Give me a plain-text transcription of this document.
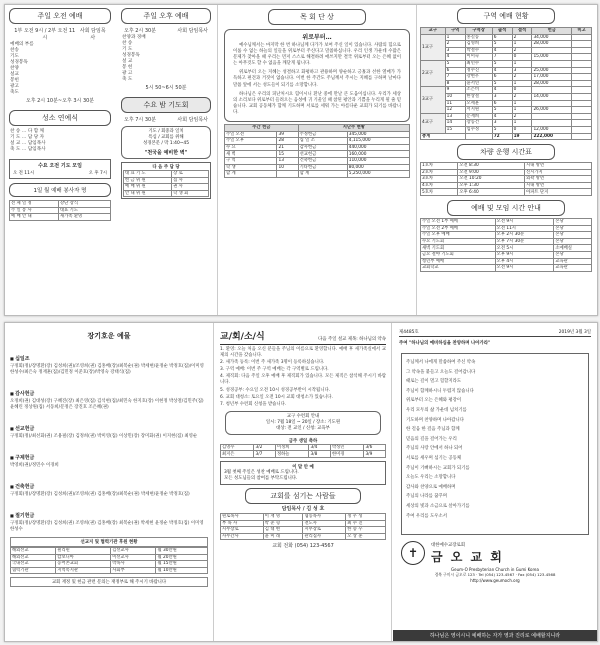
주일 오전 예배
1부 오전 9시 / 2부 오전 11시
사회 담임목사
예배의 부름
찬송
기도
성경봉독
찬양
설교
봉헌
광고
축도
오후 2시 10분~오후 3시 30분
성소 연예식
찬 송 … 다 함 께
기 도 … 담 당 자
설 교 … 담임목사
축 도 … 담임목사
수요 오전 기도 모임
오 전 11시	오 후 7시
1일 월 예배 봉사자 명
전 체 일 정	강단 장식
주 일 봉 사	대표 기도
예 배 안 내	새가족 환영
주일 오후 예배
오후 2시 30분	사회 담임목사
찬양과 경배
찬 송
기 도
성경봉독
설 교
봉 헌
광 고
축 도
5시 50~6시 50분
수요 밤 기도회
오후 7시 30분	사회 담임목사
기도 / 회중과 일치
특심 / 교회를 위해
성경본문 / 막 1:40~45
"천국을 예비한 벽"
다 음 주 담 당
대 표 기 도	장 로
헌 금 위 원	집 사
예 배 위 원	권 사
안 내 위 원	학 생 회
목 회 단 상
위로부터…
예수님께서는 마지막 한 번 하나님께 다가가 보여 주신 일이 있습니다. 사람의 힘으로 이룰 수 없는 하늘의 일들을 위로부터 주신다고 말씀하십니다. 우리 인생 가운데 수많은 문제가 찾아올 때 우리는 먼저 스스로 해결하려 애쓰지만 결국 위로부터 오는 은혜 없이는 아무것도 할 수 없음을 깨닫게 됩니다.
위로부터 오는 지혜는 성결하고 화평하고 관용하며 양순하고 긍휼과 선한 열매가 가득하고 편견과 거짓이 없습니다. 이번 한 주간도 주님께서 주시는 지혜를 구하며 날마다 말씀 앞에 서는 성도들이 되기를 소망합니다.
하나님은 우리의 피난처시요 힘이시니 환난 중에 만날 큰 도움이십니다. 우리가 세상의 소리보다 위로부터 들려오는 음성에 귀 기울일 때 참된 평안과 기쁨을 누리게 될 줄 믿습니다. 교회 공동체가 함께 기도하며 서로를 세워 가는 아름다운 교회가 되기를 바랍니다.
주간 헌금		지난주 현황	
주일 오전	39	주정헌금	345,000
주일 오후	28	십 일 조	4,115,000
수 요	21	감사헌금	440,000
새 벽	15	선교헌금	160,000
구 역	13	건축헌금	110,000
학 생	10	기타헌금	80,000
합 계		합 계	5,250,000
구역 예배 현황
교구	구역	구역장	출석	결석	헌금	비고
1교구	1	홍길동	6	2	34,000	
	2	김영희	5	1	28,000	
	3	박철수	4	2		
	4	이미숙	7	0	15,000	
2교구	5	최민수	5	1		
	6	정수진	4	3	25,000	
	7	강현우	6	2	17,000	
	8	윤서연	5	1	28,000	
3교구	9	조은비	4	0		
	10	한상철	3	2	14,000	
	11	오세훈	6	1		
	12	서지원	5	1	26,000	
4교구	13	문재희	4	2		
	14	장동건	3	1		
	15	임수정	5	0	12,000	
총계			72	19	222,000	
차량 운행 시간표
1호차	오전 8:30	시내 방면
2호차	오전 9:00	신시가지
3호차	오전 10:20	외곽 방면
4호차	오후 1:30	시내 방면
5호차	오후 6:40	아파트 단지
예배 및 모임 시간 안내
주일 오전 1부 예배	오전 9시	본당
주일 오전 2부 예배	오전 11시	본당
주일 오후 예배	오후 2시 30분	본당
수요 기도회	오후 7시 30분	본당
새벽 기도회	오전 5시	소예배실
금요 철야 기도회	오후 9시	본당
청년부 예배	오후 4시	교육관
교회학교	오전 9시	교육관
장기호운 예물
■ 십일조
구정회(정)/장명환(장) 김성희(권)/조영희(권) 김홍배(장)/최복순(권) 박세현/윤정순 박정호(집)/이미영 한성수/최은숙 정재훈(집)/김민정 이준호(장)/박영숙 강태식(집)
■ 감사헌금
오정희(권) 김대성(장) 구혜진(장) 최은영(집) 김석현(집)/최민숙 한지호(장) 이현정 박상철/김민주(집) 윤혜린 정상원(집) 서동희/문정은 장진호 조은혜(권)
■ 선교헌금
구정회(정)/최선화(권) 조용필(장) 김정희(권) 박미영(집) 이상민(장) 장미화(권) 이지현(집) 최영순
■ 구제헌금
박영희(권)/정민수 이경희
■ 건축헌금
구정회(정)/장명환(장) 김성희(권)/조영희(권) 김홍배(장)/최복순(권) 박세현/윤정순 박정호(집)
■ 절기헌금
구정회(정)/장명환(장) 김성희(권) 조영희(권) 김홍배(장) 최복순(권) 박세현 윤정순 박정호(집) 이미영 한성수
선교지 및 협력기관 후원 현황
해외선교	필리핀	김선교사	월 30만원
해외선교	캄보디아	이선교사	월 20만원
국내선교	농어촌교회	박목사	월 15만원
협력기관	지역복지관	사회부	월 10만원
교회 재정 및 헌금 관련 문의는 재정부로 해 주시기 바랍니다
교/회/소/식	다음 주일 설교 제목: 하나님의 약속
1. 환영: 오늘 처음 오신 분들을 주님의 이름으로 환영합니다. 예배 후 새가족실에서 교제의 시간을 갖습니다.
2. 새가족 등록: 이번 주 새가족 3명이 등록하셨습니다.
3. 구역 예배: 이번 주 구역 예배는 각 구역별로 드립니다.
4. 제직회: 다음 주일 오후 예배 후 제직회가 있습니다. 모든 제직은 참석해 주시기 바랍니다.
5. 성경공부: 수요일 오전 10시 성경공부반이 시작됩니다.
6. 교회 대청소: 토요일 오전 10시 교회 대청소가 있습니다.
7. 청년부 수련회 신청을 받습니다.
교구 수련회 안내
일시: 7월 18일 ~ 20일 / 장소: 기도원
대상: 전 교인 / 신청: 교육부
금주 생일 축하
김영수	3/2	이정희	3/4	박성민	3/6
최지은	3/7	정하늘	3/8	한미경	3/9
이 달 안 예
3월 첫째 주일은 성찬 예배로 드립니다.
모든 성도님들의 참여를 부탁드립니다.
교회를 섬기는 사람들
담임목사 / 김 성 호
원로목사	이 재 명	협동목사	정 우 성
부 목 사	박 준 형	전도사	최 수 진
시무장로	김 대 현	시무장로	한 승 우
사무간사	윤 미 래	관리집사	오 상 훈
교회 전화 (054) 123-4567
제4485호	2019년 3월 3일
주여 "하나님의 예비하심을 찬양하며 나아가라"
주님께서 나에게 말씀하여 주신 약속
그 약속을 붙들고 오늘도 걸어갑니다
때로는 길이 멀고 험할지라도
주님이 함께하시니 두렵지 않습니다
위로부터 오는 은혜와 평강이
우리 모두의 삶 가운데 넘치기를
기도하며 찬양하며 나아갑니다
한 걸음 한 걸음 주님과 함께
믿음의 길을 걸어가는 우리
주님의 사랑 안에서 하나 되어
서로를 세우며 섬기는 공동체
주님이 기뻐하시는 교회가 되기를
오늘도 우리는 소망합니다
감사와 찬양으로 예배하며
주님의 나라를 꿈꾸며
세상의 빛과 소금으로 살아가기를
주여 우리를 도우소서
✝
대한예수교장로회
금 오 교 회
Geum-O Presbyterian Church in Gumi Korea
경북 구미시 금오로 123 · Tel (054) 123-4567 · Fax (054) 123-4568
http://www.geumoch.org
하나님은 영이시니 예배하는 자가 영과 진리로 예배할지니라
